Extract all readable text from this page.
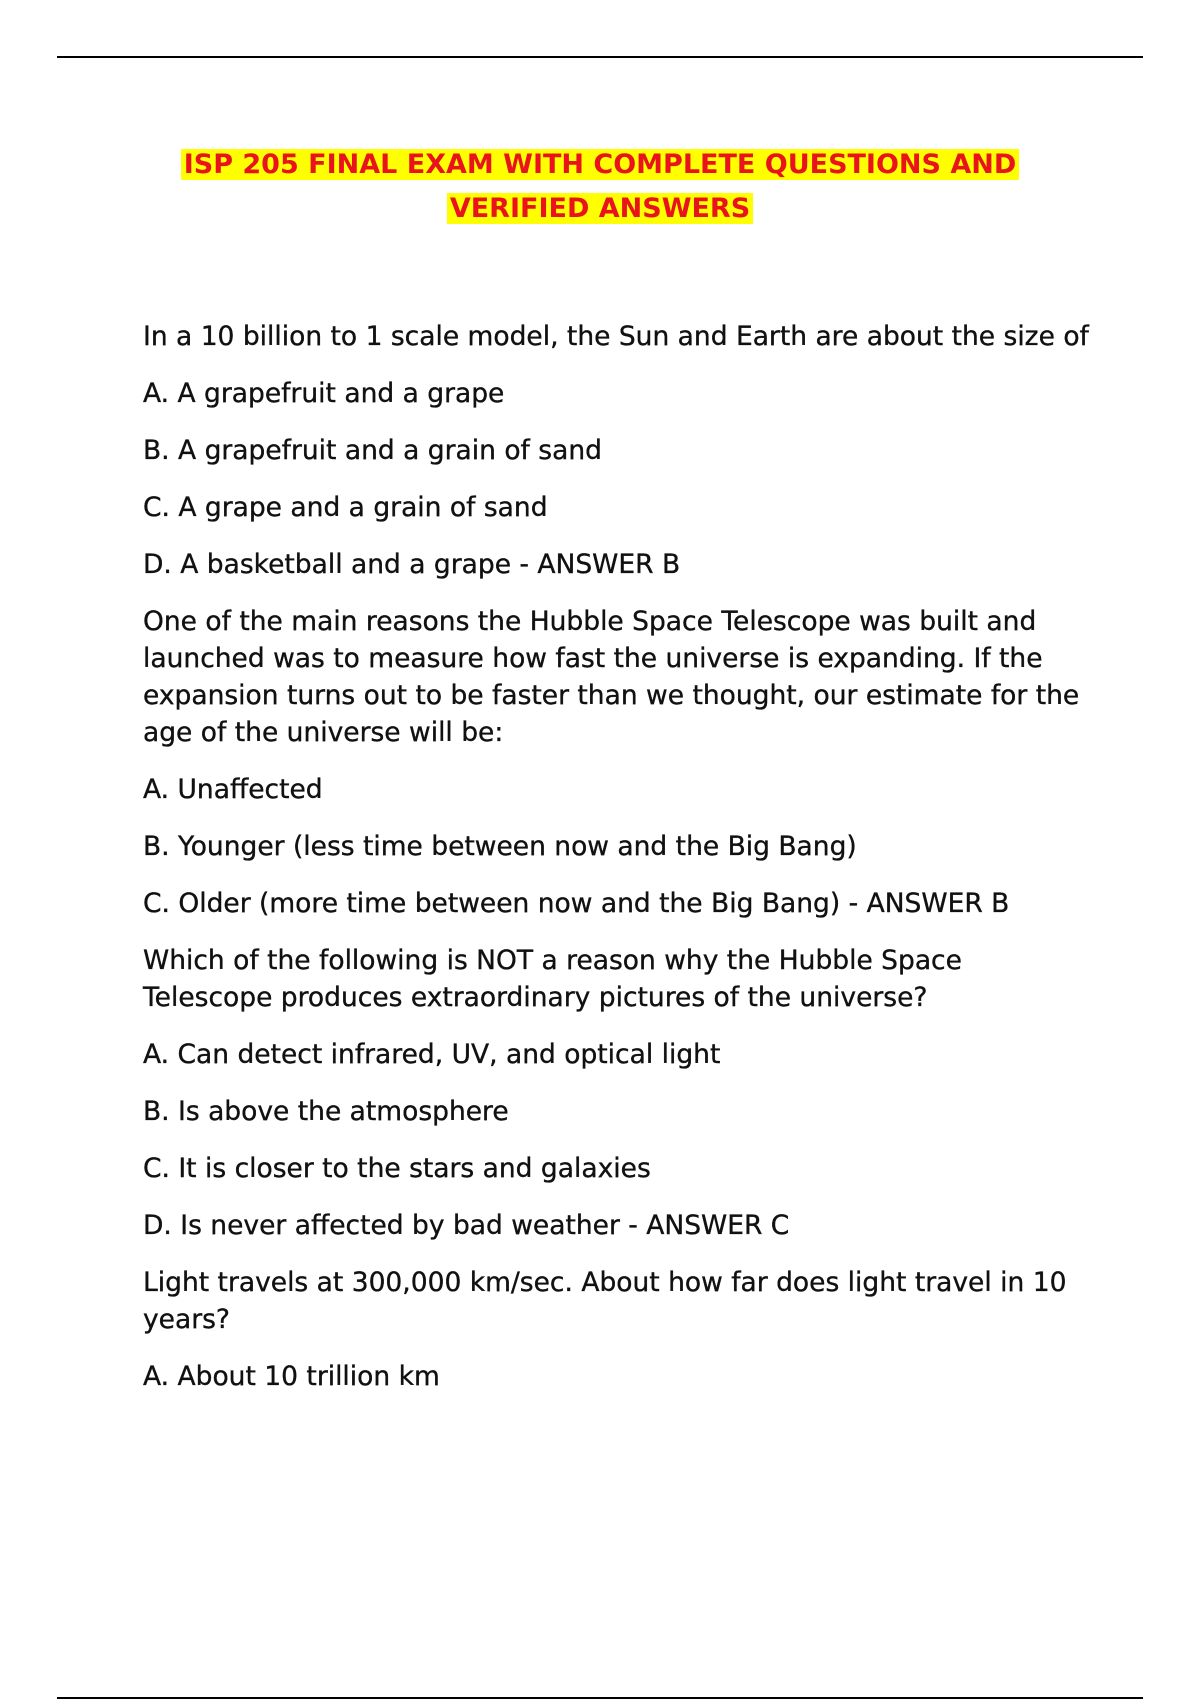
ISP 205 FINAL EXAM WITH COMPLETE QUESTIONS AND
VERIFIED ANSWERS

In a 10 billion to 1 scale model, the Sun and Earth are about the size of

A. A grapefruit and a grape

B. A grapefruit and a grain of sand

C. A grape and a grain of sand

D. A basketball and a grape - ANSWER B

One of the main reasons the Hubble Space Telescope was built and launched was to measure how fast the universe is expanding. If the expansion turns out to be faster than we thought, our estimate for the age of the universe will be:

A. Unaffected

B. Younger (less time between now and the Big Bang)

C. Older (more time between now and the Big Bang) - ANSWER B

Which of the following is NOT a reason why the Hubble Space Telescope produces extraordinary pictures of the universe?

A. Can detect infrared, UV, and optical light

B. Is above the atmosphere

C. It is closer to the stars and galaxies

D. Is never affected by bad weather - ANSWER C

Light travels at 300,000 km/sec. About how far does light travel in 10 years?

A. About 10 trillion km
